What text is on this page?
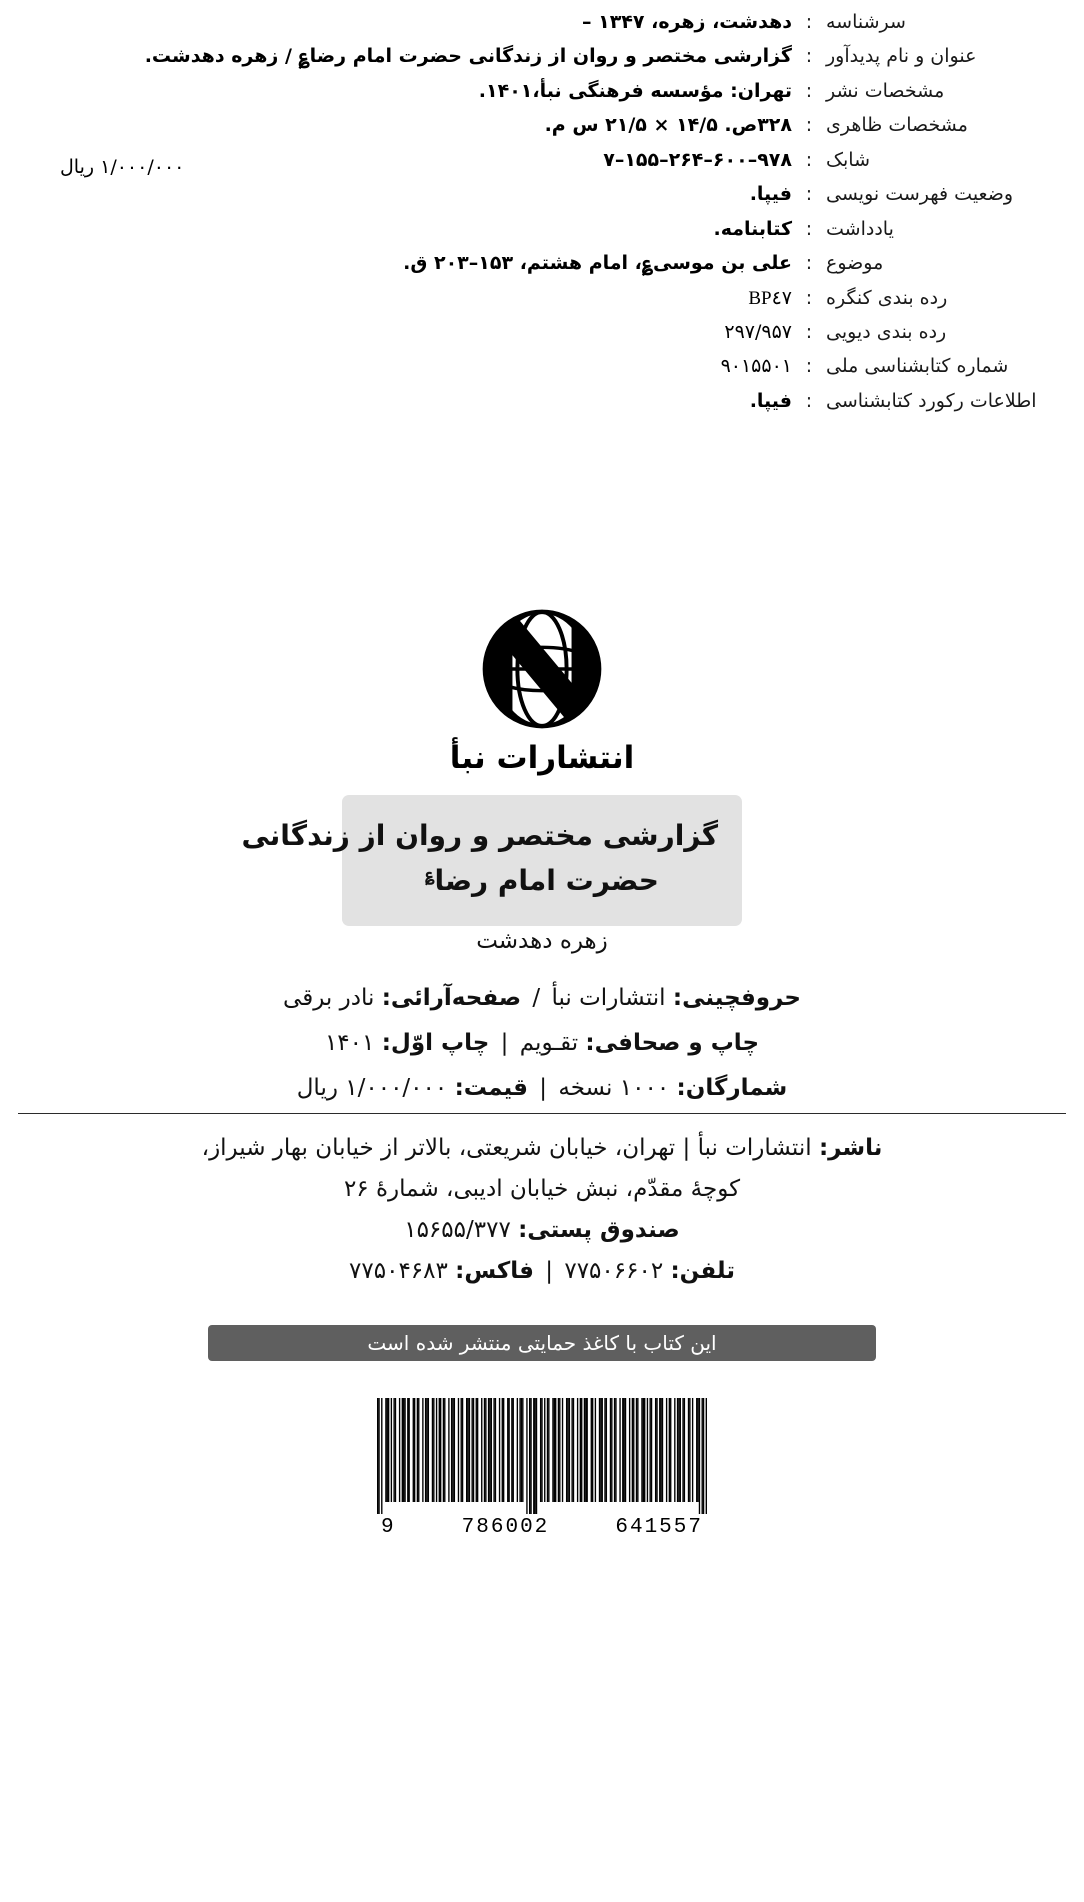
سرشناسه
:
دهدشت، زهره، ۱۳۴۷ –
عنوان و نام پدیدآور
:
گزارشی مختصر و روان از زندگانی حضرت امام رضا؏ / زهره دهدشت.
مشخصات نشر
:
تهران: مؤسسه فرهنگی نبأ،۱۴۰۱.
مشخصات ظاهری
:
۳۲۸ص. ۱۴/۵ × ۲۱/۵ س م.
شابک
:
۹۷۸–۶۰۰–۲۶۴–۱۵۵–۷
وضعیت فهرست نویسی
:
فیپا.
یادداشت
:
کتابنامه.
موضوع
:
علی بن موسی؏، امام هشتم، ۱۵۳–۲۰۳ ق.
رده بندی کنگره
:
BP٤٧
رده بندی دیویی
:
۲۹۷/۹۵۷
شماره کتابشناسی ملی
:
۹۰۱۵۵۰۱
اطلاعات رکورد کتابشناسی
:
فیپا.
۱/۰۰۰/۰۰۰ ریال
انتشارات نبأ
گزارشی مختصر و روان از زندگانی
حضرت امام رضا؏
زهره دهدشت
حروفچینی: انتشارات نبأ / صفحه‌آرائی: نادر برقی
چاپ و صحافی: تقـویم | چاپ اوّل: ۱۴۰۱
شمارگان: ۱۰۰۰ نسخه | قیمت: ۱/۰۰۰/۰۰۰ ریال
ناشر: انتشارات نبأ | تهران، خیابان شریعتی، بالاتر از خیابان بهار شیراز،
کوچهٔ مقدّم، نبش خیابان ادیبی، شمارهٔ ۲۶
صندوق پستی: ۱۵۶۵۵/۳۷۷
تلفن: ۷۷۵۰۶۶۰۲ | فاکس: ۷۷۵۰۴۶۸۳
این کتاب با کاغذ حمایتی منتشر شده است
9	786002	641557
